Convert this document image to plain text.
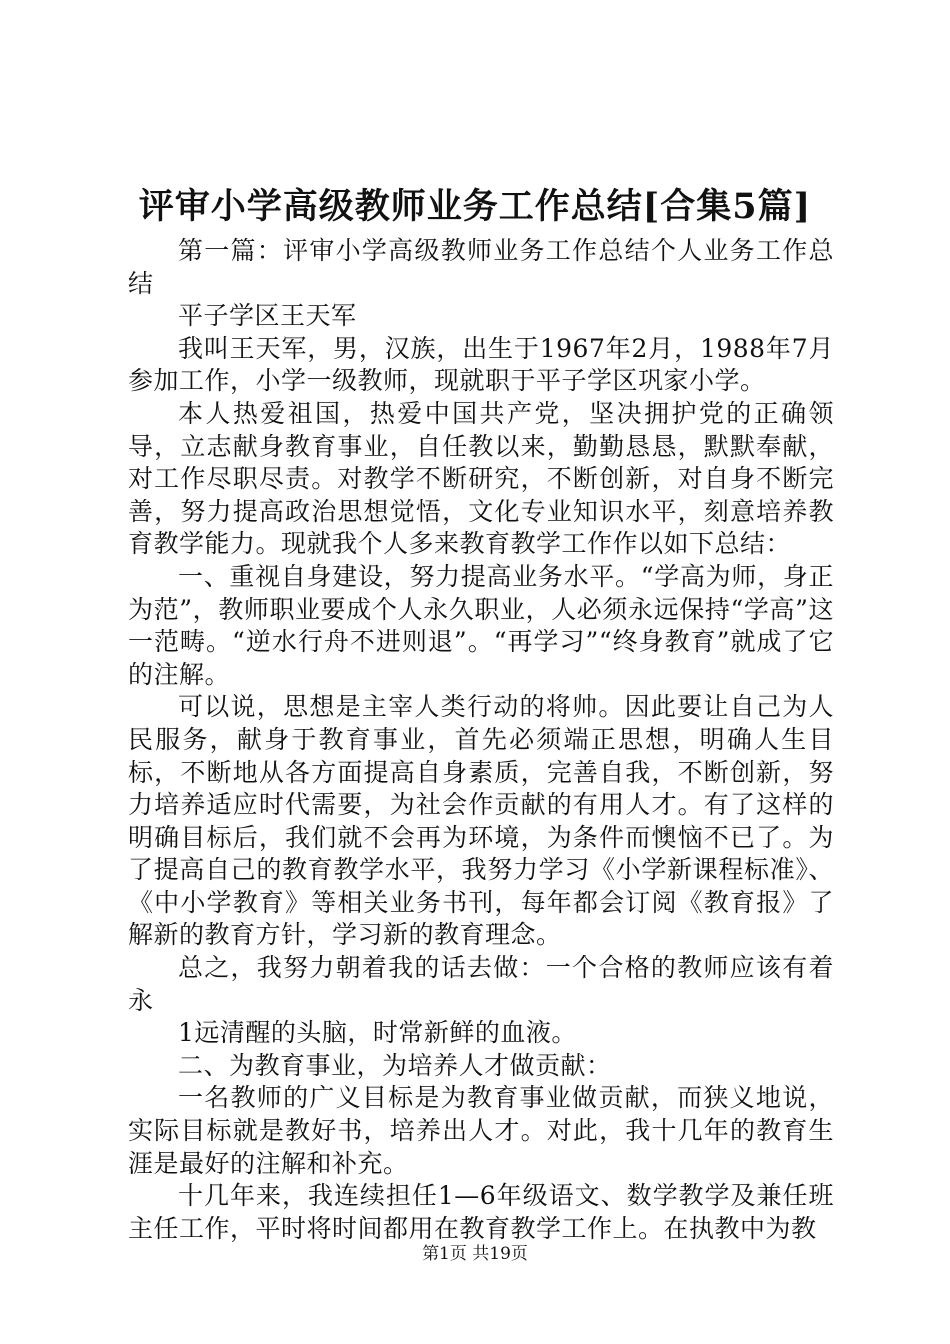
评审小学高级教师业务工作总结[合集5篇]

第一篇：评审小学高级教师业务工作总结个人业务工作总结

平子学区王天军

我叫王天军，男，汉族，出生于1967年2月，1988年7月参加工作，小学一级教师，现就职于平子学区巩家小学。

本人热爱祖国，热爱中国共产党，坚决拥护党的正确领导，立志献身教育事业，自任教以来，勤勤恳恳，默默奉献，对工作尽职尽责。对教学不断研究，不断创新，对自身不断完善，努力提高政治思想觉悟，文化专业知识水平，刻意培养教育教学能力。现就我个人多来教育教学工作作以如下总结：

一、重视自身建设，努力提高业务水平。“学高为师，身正为范”，教师职业要成个人永久职业，人必须永远保持“学高”这一范畴。“逆水行舟不进则退”。“再学习”“终身教育”就成了它的注解。

可以说，思想是主宰人类行动的将帅。因此要让自己为人民服务，献身于教育事业，首先必须端正思想，明确人生目标，不断地从各方面提高自身素质，完善自我，不断创新，努力培养适应时代需要，为社会作贡献的有用人才。有了这样的明确目标后，我们就不会再为环境，为条件而懊恼不已了。为了提高自己的教育教学水平，我努力学习《小学新课程标准》、《中小学教育》等相关业务书刊，每年都会订阅《教育报》了解新的教育方针，学习新的教育理念。

总之，我努力朝着我的话去做：一个合格的教师应该有着永

1远清醒的头脑，时常新鲜的血液。

二、为教育事业，为培养人才做贡献：

一名教师的广义目标是为教育事业做贡献，而狭义地说，实际目标就是教好书，培养出人才。对此，我十几年的教育生涯是最好的注解和补充。

十几年来，我连续担任1—6年级语文、数学教学及兼任班主任工作，平时将时间都用在教育教学工作上。在执教中为教

第1页 共19页
